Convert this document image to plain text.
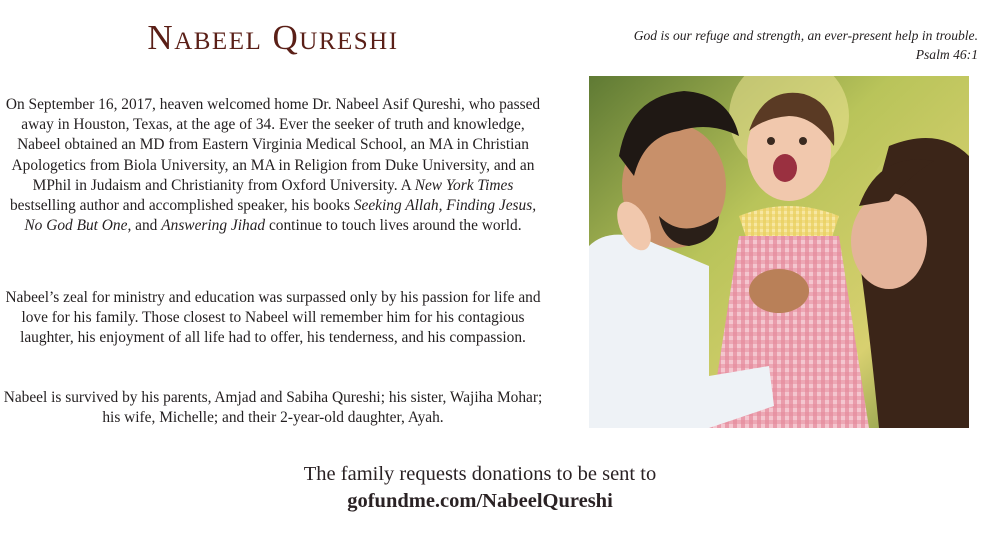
Nabeel Qureshi

On September 16, 2017, heaven welcomed home Dr. Nabeel Asif Qureshi, who passed away in Houston, Texas, at the age of 34. Ever the seeker of truth and knowledge, Nabeel obtained an MD from Eastern Virginia Medical School, an MA in Christian Apologetics from Biola University, an MA in Religion from Duke University, and an MPhil in Judaism and Christianity from Oxford University. A New York Times bestselling author and accomplished speaker, his books Seeking Allah, Finding Jesus, No God But One, and Answering Jihad continue to touch lives around the world.

Nabeel’s zeal for ministry and education was surpassed only by his passion for life and love for his family. Those closest to Nabeel will remember him for his contagious laughter, his enjoyment of all life had to offer, his tenderness, and his compassion.

Nabeel is survived by his parents, Amjad and Sabiha Qureshi; his sister, Wajiha Mohar; his wife, Michelle; and their 2-year-old daughter, Ayah.

God is our refuge and strength, an ever-present help in trouble.
Psalm 46:1
The family requests donations to be sent to
gofundme.com/NabeelQureshi
